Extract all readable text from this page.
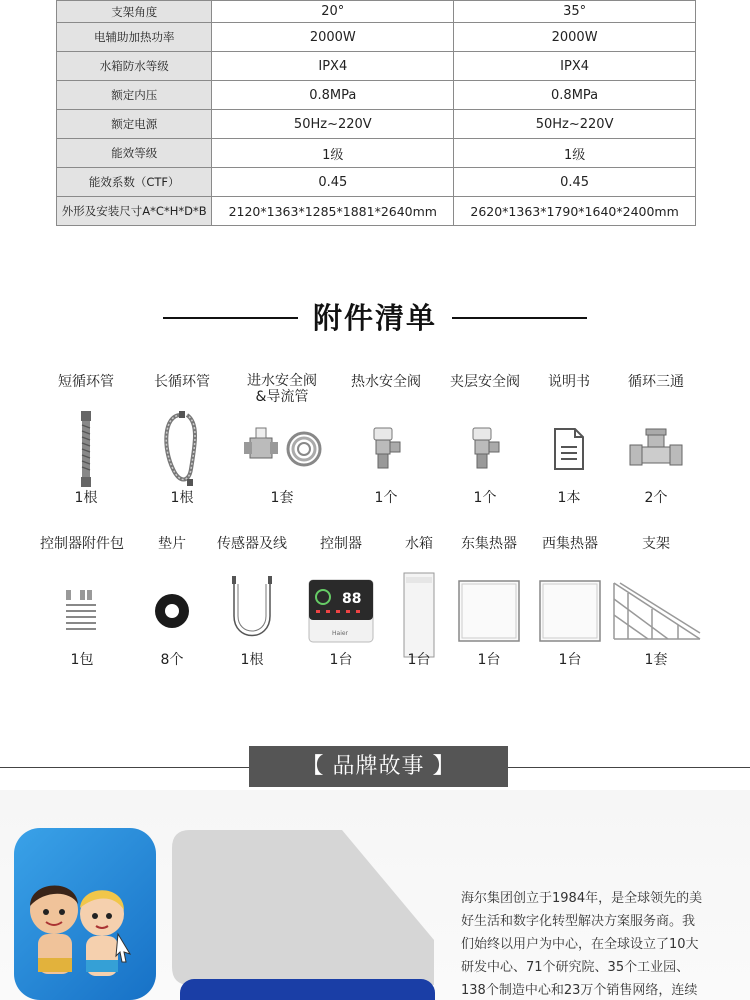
支架角度	20°	35°
电辅助加热功率	2000W	2000W
水箱防水等级	IPX4	IPX4
额定内压	0.8MPa	0.8MPa
额定电源	50Hz~220V	50Hz~220V
能效等级	1级	1级
能效系数（CTF）	0.45	0.45
外形及安装尺寸A*C*H*D*B	2120*1363*1285*1881*2640mm	2620*1363*1790*1640*2400mm
附件清单
短循环管
1根
长循环管
1根
进水安全阀
&导流管
1套
热水安全阀
1个
夹层安全阀
1个
说明书
1本
循环三通
2个
控制器附件包
1包
垫片
8个
传感器及线
1根
控制器
88
Haier
1台
水箱
1台
东集热器
1台
西集热器
1台
支架
1套
【 品牌故事 】
海尔集团创立于1984年，是全球领先的美
好生活和数字化转型解决方案服务商。我
们始终以用户为中心，在全球设立了10大
研发中心、71个研究院、35个工业园、
138个制造中心和23万个销售网络，连续
